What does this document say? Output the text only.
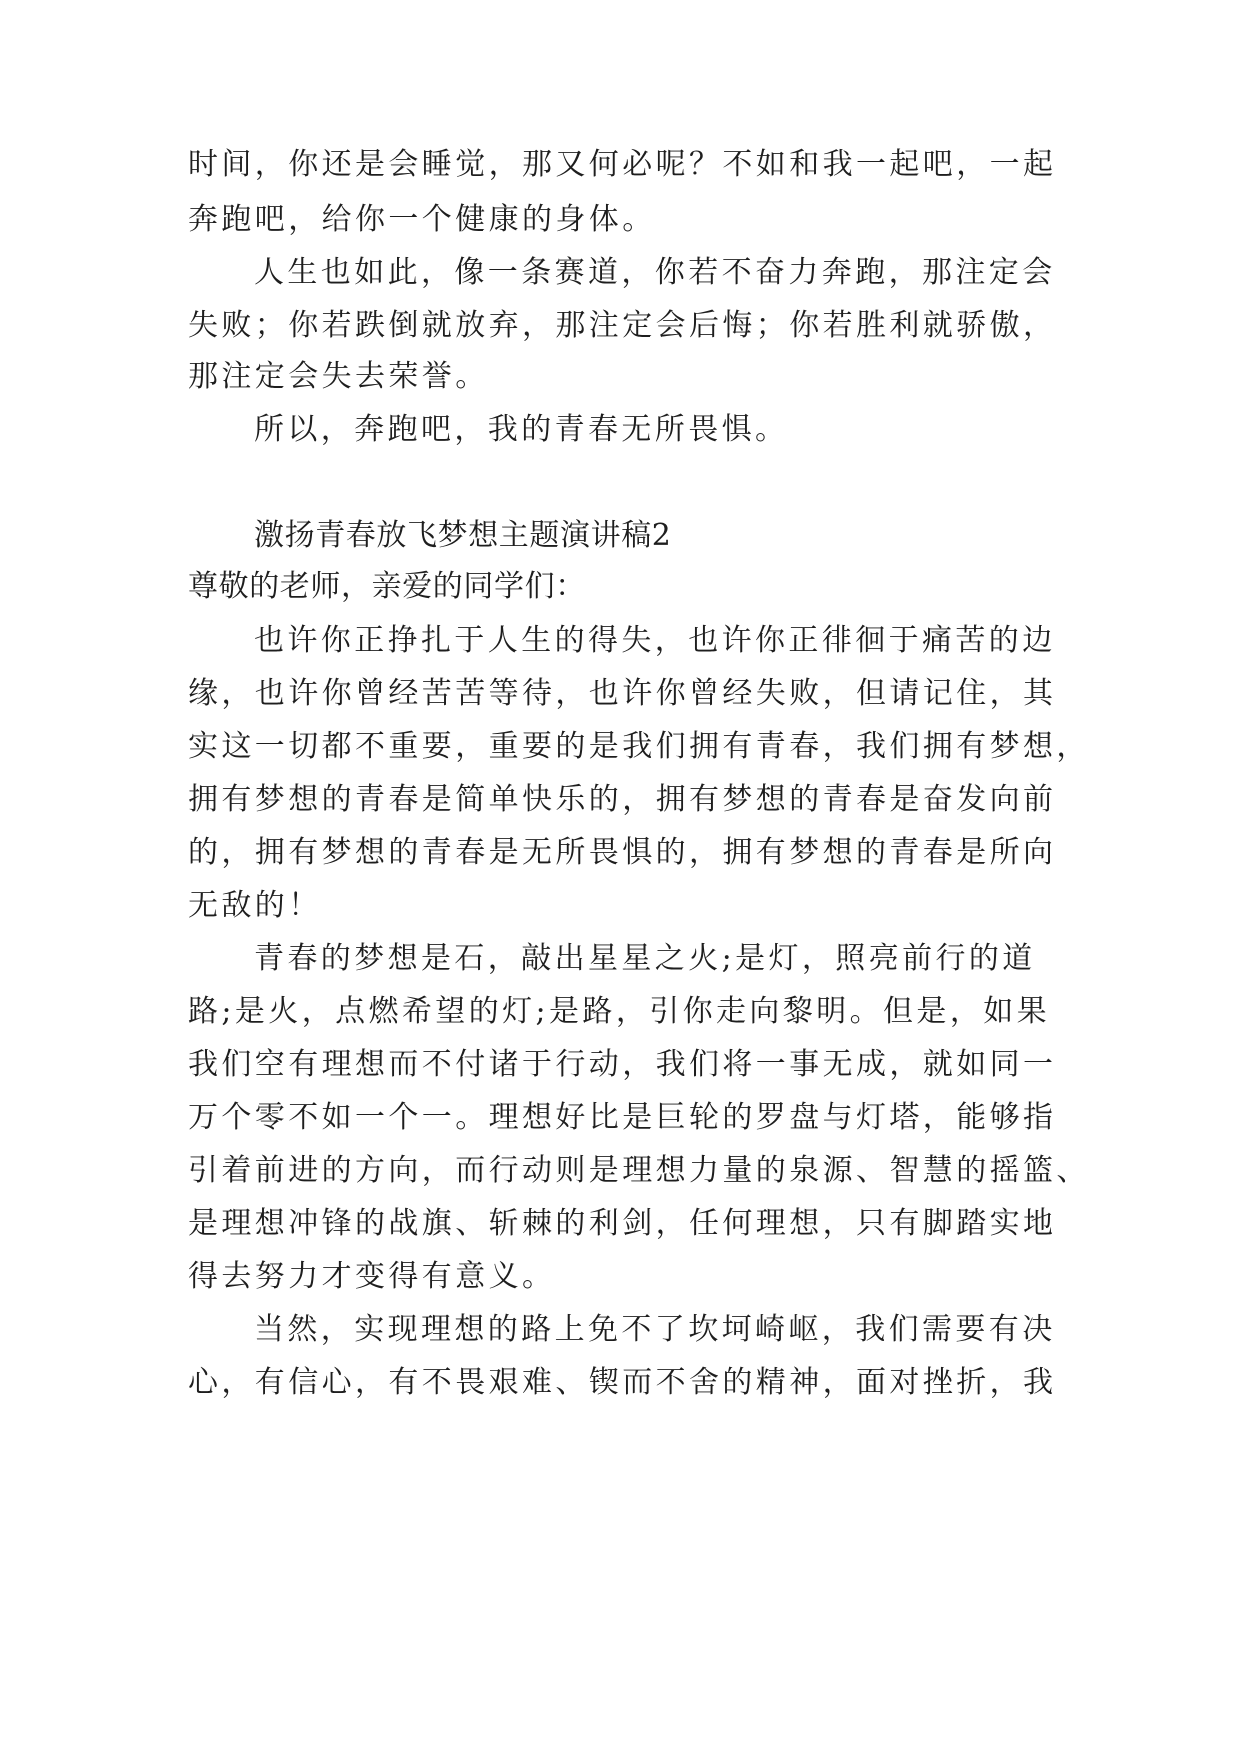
时间，你还是会睡觉，那又何必呢？不如和我一起吧，一起
奔跑吧，给你一个健康的身体。
人生也如此，像一条赛道，你若不奋力奔跑，那注定会
失败；你若跌倒就放弃，那注定会后悔；你若胜利就骄傲，
那注定会失去荣誉。
所以，奔跑吧，我的青春无所畏惧。
激扬青春放飞梦想主题演讲稿2
尊敬的老师，亲爱的同学们：
也许你正挣扎于人生的得失，也许你正徘徊于痛苦的边
缘，也许你曾经苦苦等待，也许你曾经失败，但请记住，其
实这一切都不重要，重要的是我们拥有青春，我们拥有梦想，
拥有梦想的青春是简单快乐的，拥有梦想的青春是奋发向前
的，拥有梦想的青春是无所畏惧的，拥有梦想的青春是所向
无敌的！
青春的梦想是石，敲出星星之火;是灯，照亮前行的道
路;是火，点燃希望的灯;是路，引你走向黎明。但是，如果
我们空有理想而不付诸于行动，我们将一事无成，就如同一
万个零不如一个一。理想好比是巨轮的罗盘与灯塔，能够指
引着前进的方向，而行动则是理想力量的泉源、智慧的摇篮、
是理想冲锋的战旗、斩棘的利剑，任何理想，只有脚踏实地
得去努力才变得有意义。
当然，实现理想的路上免不了坎坷崎岖，我们需要有决
心，有信心，有不畏艰难、锲而不舍的精神，面对挫折，我
